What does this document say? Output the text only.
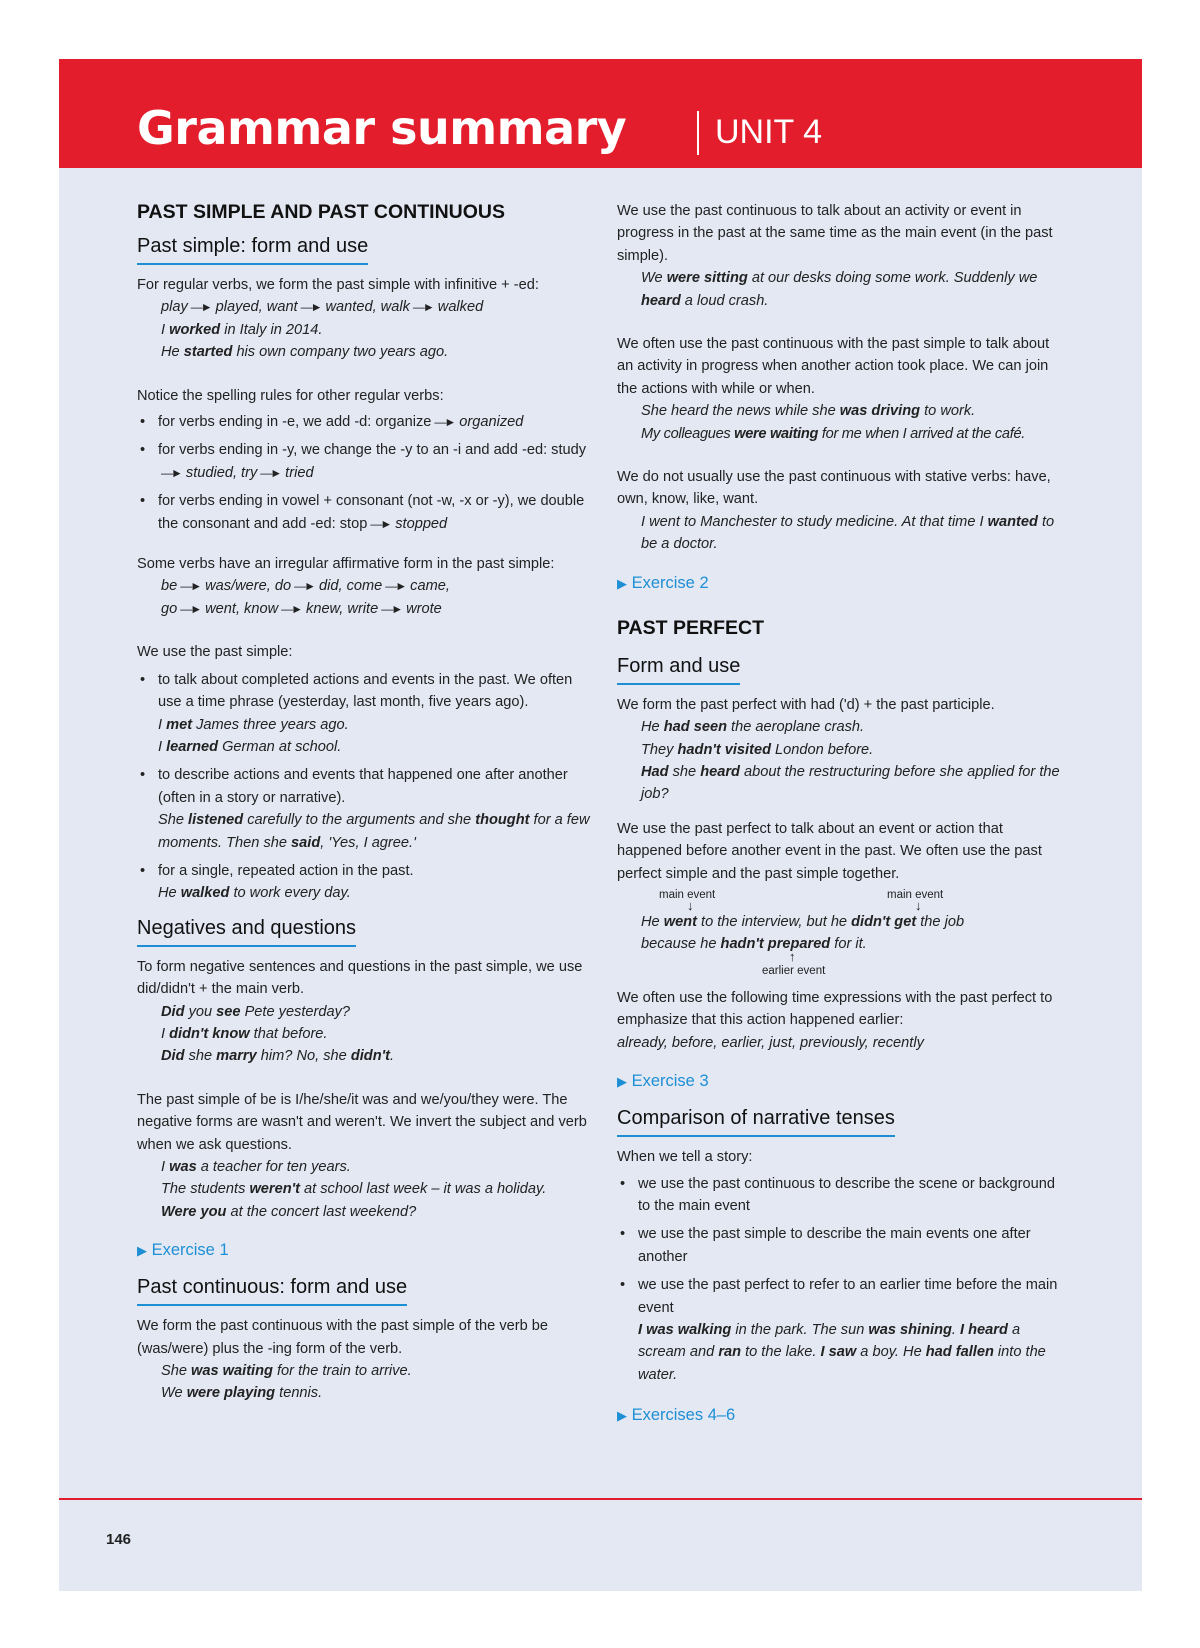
Grammar summary	UNIT 4

PAST SIMPLE AND PAST CONTINUOUS

Past simple: form and use

For regular verbs, we form the past simple with infinitive + -ed:

play —► played, want —► wanted, walk —► walked

I worked in Italy in 2014.

He started his own company two years ago.

Notice the spelling rules for other regular verbs:

• for verbs ending in -e, we add -d: organize —► organized
• for verbs ending in -y, we change the -y to an -i and add -ed: study—► studied, try —► tried
• for verbs ending in vowel + consonant (not -w, -x or -y), we double the consonant and add -ed: stop —► stopped

Some verbs have an irregular affirmative form in the past simple:

be —► was/were, do —► did, come —► came,

go —► went, know —► knew, write —► wrote

We use the past simple:

• to talk about completed actions and events in the past. We often use a time phrase (yesterday, last month, five years ago).

I met James three years ago.

I learned German at school.

• to describe actions and events that happened one after another (often in a story or narrative).

She listened carefully to the arguments and she thought for a few moments. Then she said, 'Yes, I agree.'

• for a single, repeated action in the past.

He walked to work every day.

Negatives and questions

To form negative sentences and questions in the past simple, we use did/didn't + the main verb.

Did you see Pete yesterday?

I didn't know that before.

Did she marry him? No, she didn't.

The past simple of be is I/he/she/it was and we/you/they were. The negative forms are wasn't and weren't. We invert the subject and verb when we ask questions.

I was a teacher for ten years.

The students weren't at school last week – it was a holiday.

Were you at the concert last weekend?

▶ Exercise 1

Past continuous: form and use

We form the past continuous with the past simple of the verb be (was/were) plus the -ing form of the verb.

She was waiting for the train to arrive.

We were playing tennis.

We use the past continuous to talk about an activity or event in progress in the past at the same time as the main event (in the past simple).

We were sitting at our desks doing some work. Suddenly we heard a loud crash.

We often use the past continuous with the past simple to talk about an activity in progress when another action took place. We can join the actions with while or when.

She heard the news while she was driving to work.

My colleagues were waiting for me when I arrived at the café.

We do not usually use the past continuous with stative verbs: have, own, know, like, want.

I went to Manchester to study medicine. At that time I wanted to be a doctor.

▶ Exercise 2

PAST PERFECT

Form and use

We form the past perfect with had ('d) + the past participle.

He had seen the aeroplane crash.

They hadn't visited London before.

Had she heard about the restructuring before she applied for the job?

We use the past perfect to talk about an event or action that happened before another event in the past. We often use the past perfect simple and the past simple together.

main event
↓
main event
↓

He went to the interview, but he didn't get the job

because he hadn't prepared for it.

↑
earlier event

We often use the following time expressions with the past perfect to emphasize that this action happened earlier:

already, before, earlier, just, previously, recently

▶ Exercise 3

Comparison of narrative tenses

When we tell a story:

• we use the past continuous to describe the scene or background to the main event
• we use the past simple to describe the main events one after another
• we use the past perfect to refer to an earlier time before the main event

I was walking in the park. The sun was shining. I heard a scream and ran to the lake. I saw a boy. He had fallen into the water.

▶ Exercises 4–6

146
